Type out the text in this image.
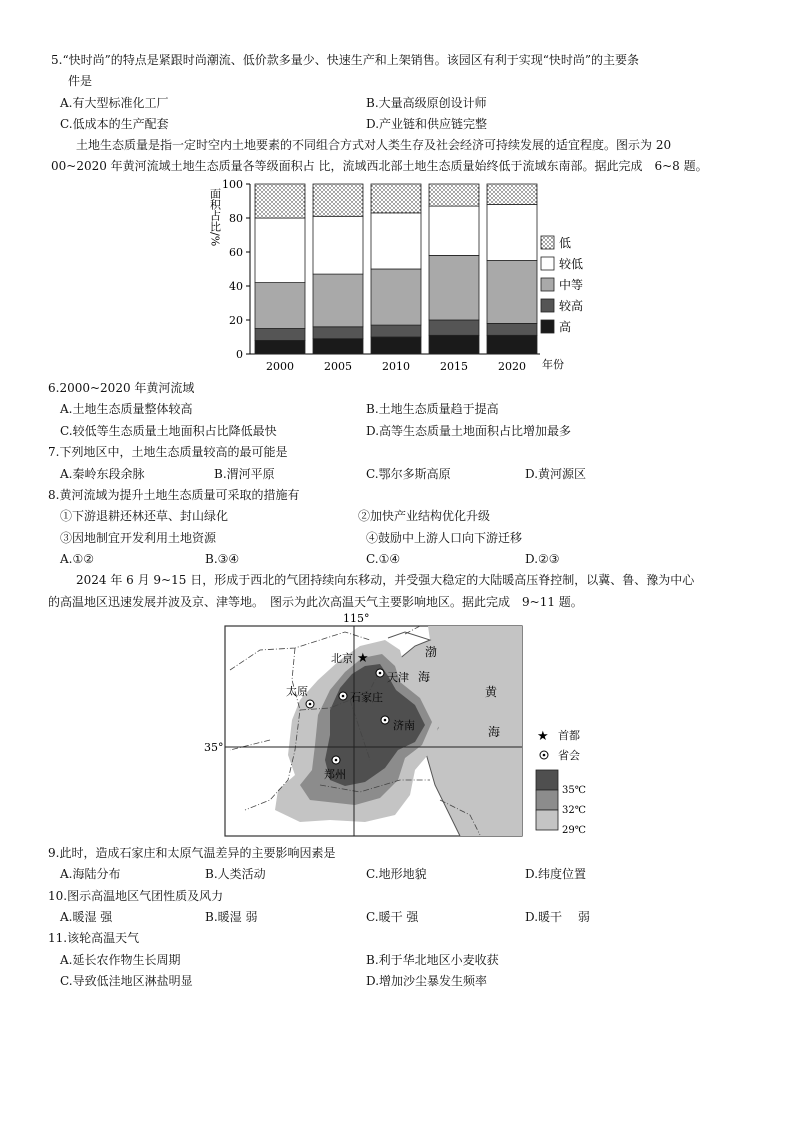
5.“快时尚”的特点是紧跟时尚潮流、低价款多量少、快速生产和上架销售。该园区有利于实现“快时尚”的主要条
件是
A.有大型标准化工厂	B.大量高级原创设计师
C.低成本的生产配套	D.产业链和供应链完整
土地生态质量是指一定时空内土地要素的不同组合方式对人类生存及社会经济可持续发展的适宜程度。图示为 20
00~2020 年黄河流域土地生态质量各等级面积占 比，流域西北部土地生态质量始终低于流域东南部。据此完成　6~8 题。
0
20
40
60
80
100
面积占比/%
2000	2005	2010	2015	2020 年份
低
较低
中等
较高
高
6.2000~2020 年黄河流域
A.土地生态质量整体较高	B.土地生态质量趋于提高
C.较低等生态质量土地面积占比降低最快	D.高等生态质量土地面积占比增加最多
7.下列地区中，土地生态质量较高的最可能是
A.秦岭东段余脉	B.渭河平原	C.鄂尔多斯高原	D.黄河源区
8.黄河流域为提升土地生态质量可采取的措施有
①下游退耕还林还草、封山绿化	②加快产业结构优化升级
③因地制宜开发利用土地资源	④鼓励中上游人口向下游迁移
A.①②	B.③④	C.①④	D.②③
2024 年 6 月 9~15 日，形成于西北的气团持续向东移动，并受强大稳定的大陆暖高压脊控制，以冀、鲁、豫为中心
的高温地区迅速发展并波及京、津等地。　图示为此次高温天气主要影响地区。据此完成　9~11 题。
115°
35°
★
北京
天津
石家庄
太原
济南
郑州
渤
海
黄
海	★ 首都
省会
35℃
32℃
29℃
9.此时，造成石家庄和太原气温差异的主要影响因素是
A.海陆分布	B.人类活动	C.地形地貌	D.纬度位置
10.图示高温地区气团性质及风力
A.暖湿 强	B.暖湿 弱	C.暖干 强	D.暖干　 弱
11.该轮高温天气
A.延长农作物生长周期	B.利于华北地区小麦收获
C.导致低洼地区淋盐明显	D.增加沙尘暴发生频率
